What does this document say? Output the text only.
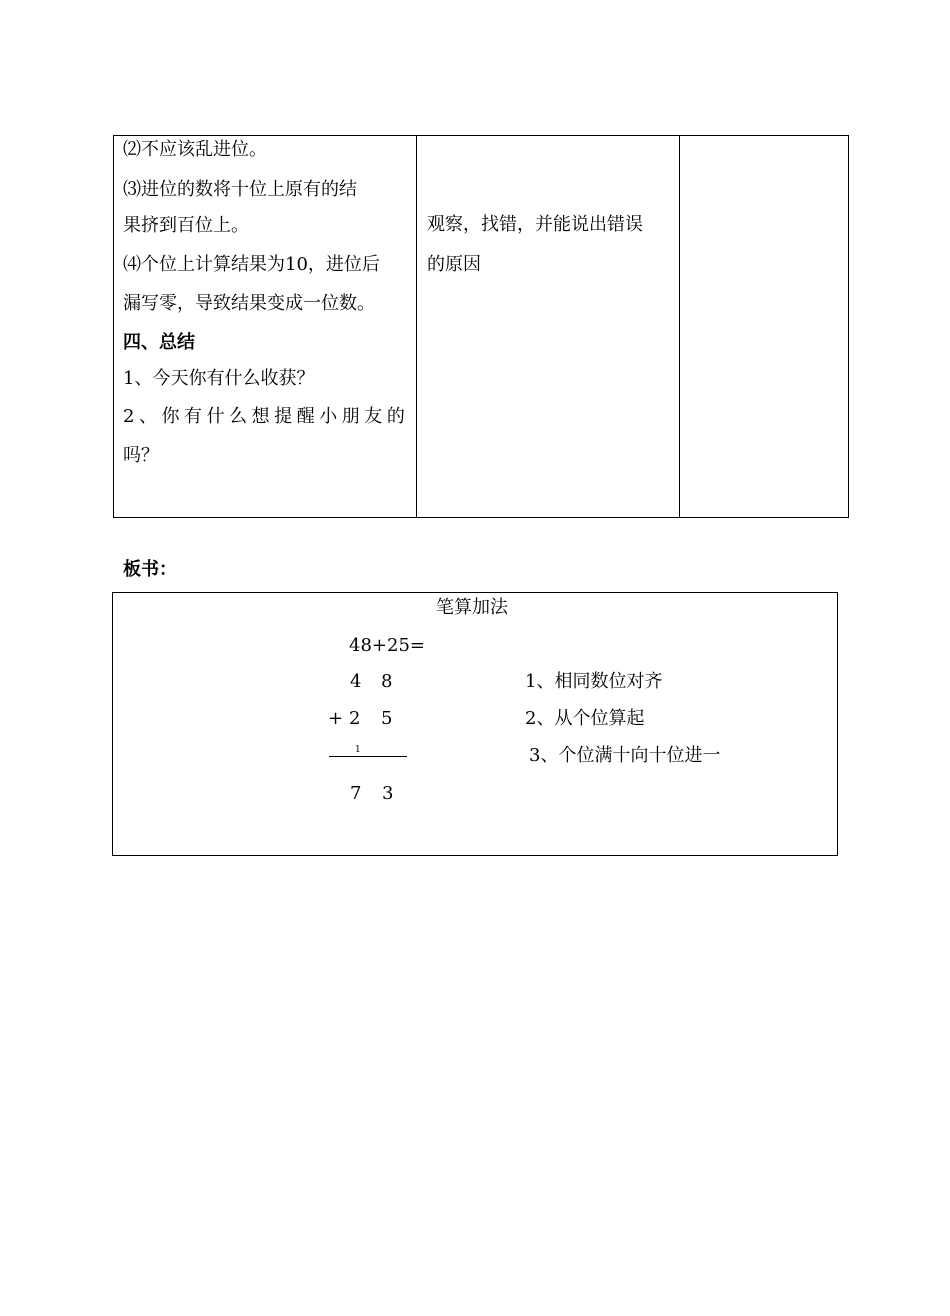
⑵不应该乱进位。
⑶进位的数将十位上原有的结
果挤到百位上。
⑷个位上计算结果为10，进位后
漏写零，导致结果变成一位数。
四、总结
1、今天你有什么收获？
2 、 你 有 什 么 想 提 醒 小 朋 友 的
吗？
观察，找错，并能说出错误
的原因
板书：
笔算加法
48+25=
4 8
+ 2 5
1
7 3
1、相同数位对齐
2、从个位算起
3、个位满十向十位进一
